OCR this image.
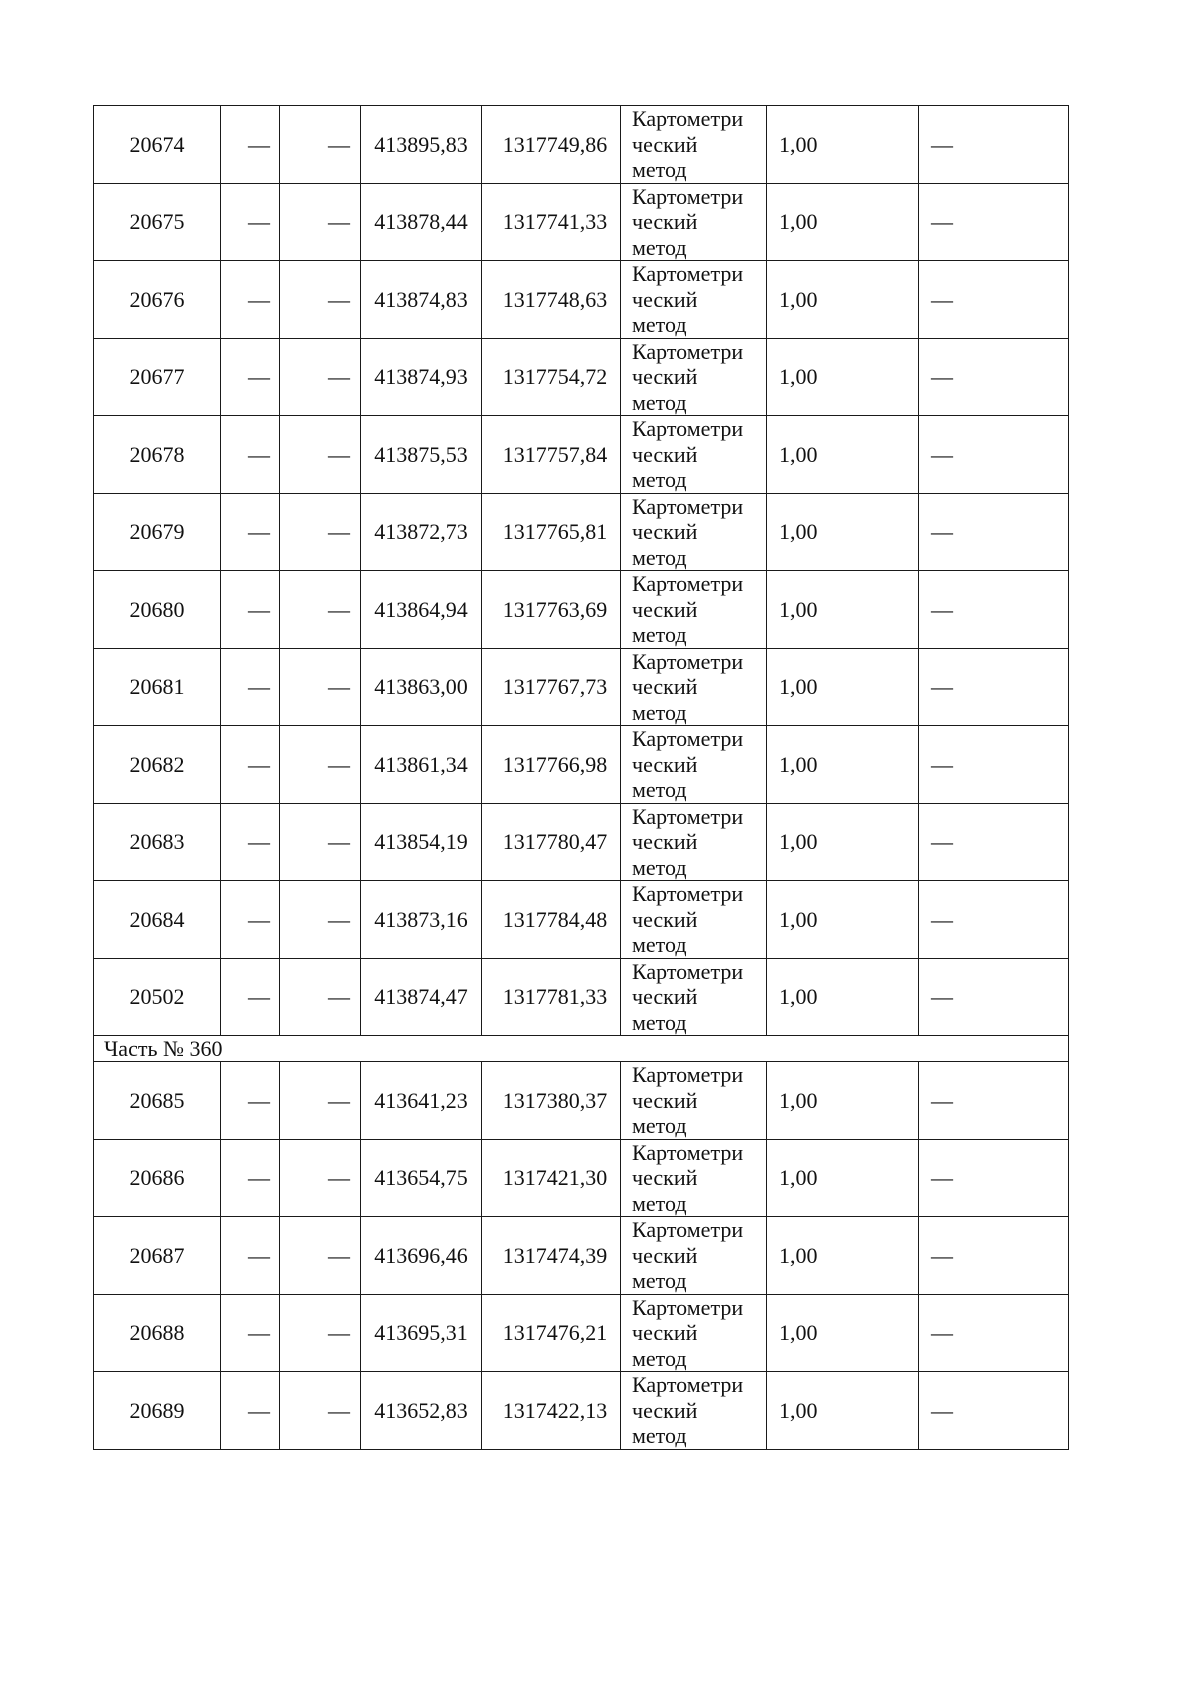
20674	—	—	413895,83	1317749,86	Картометри
ческий
метод	1,00	—
20675	—	—	413878,44	1317741,33	Картометри
ческий
метод	1,00	—
20676	—	—	413874,83	1317748,63	Картометри
ческий
метод	1,00	—
20677	—	—	413874,93	1317754,72	Картометри
ческий
метод	1,00	—
20678	—	—	413875,53	1317757,84	Картометри
ческий
метод	1,00	—
20679	—	—	413872,73	1317765,81	Картометри
ческий
метод	1,00	—
20680	—	—	413864,94	1317763,69	Картометри
ческий
метод	1,00	—
20681	—	—	413863,00	1317767,73	Картометри
ческий
метод	1,00	—
20682	—	—	413861,34	1317766,98	Картометри
ческий
метод	1,00	—
20683	—	—	413854,19	1317780,47	Картометри
ческий
метод	1,00	—
20684	—	—	413873,16	1317784,48	Картометри
ческий
метод	1,00	—
20502	—	—	413874,47	1317781,33	Картометри
ческий
метод	1,00	—
Часть № 360							
20685	—	—	413641,23	1317380,37	Картометри
ческий
метод	1,00	—
20686	—	—	413654,75	1317421,30	Картометри
ческий
метод	1,00	—
20687	—	—	413696,46	1317474,39	Картометри
ческий
метод	1,00	—
20688	—	—	413695,31	1317476,21	Картометри
ческий
метод	1,00	—
20689	—	—	413652,83	1317422,13	Картометри
ческий
метод	1,00	—
